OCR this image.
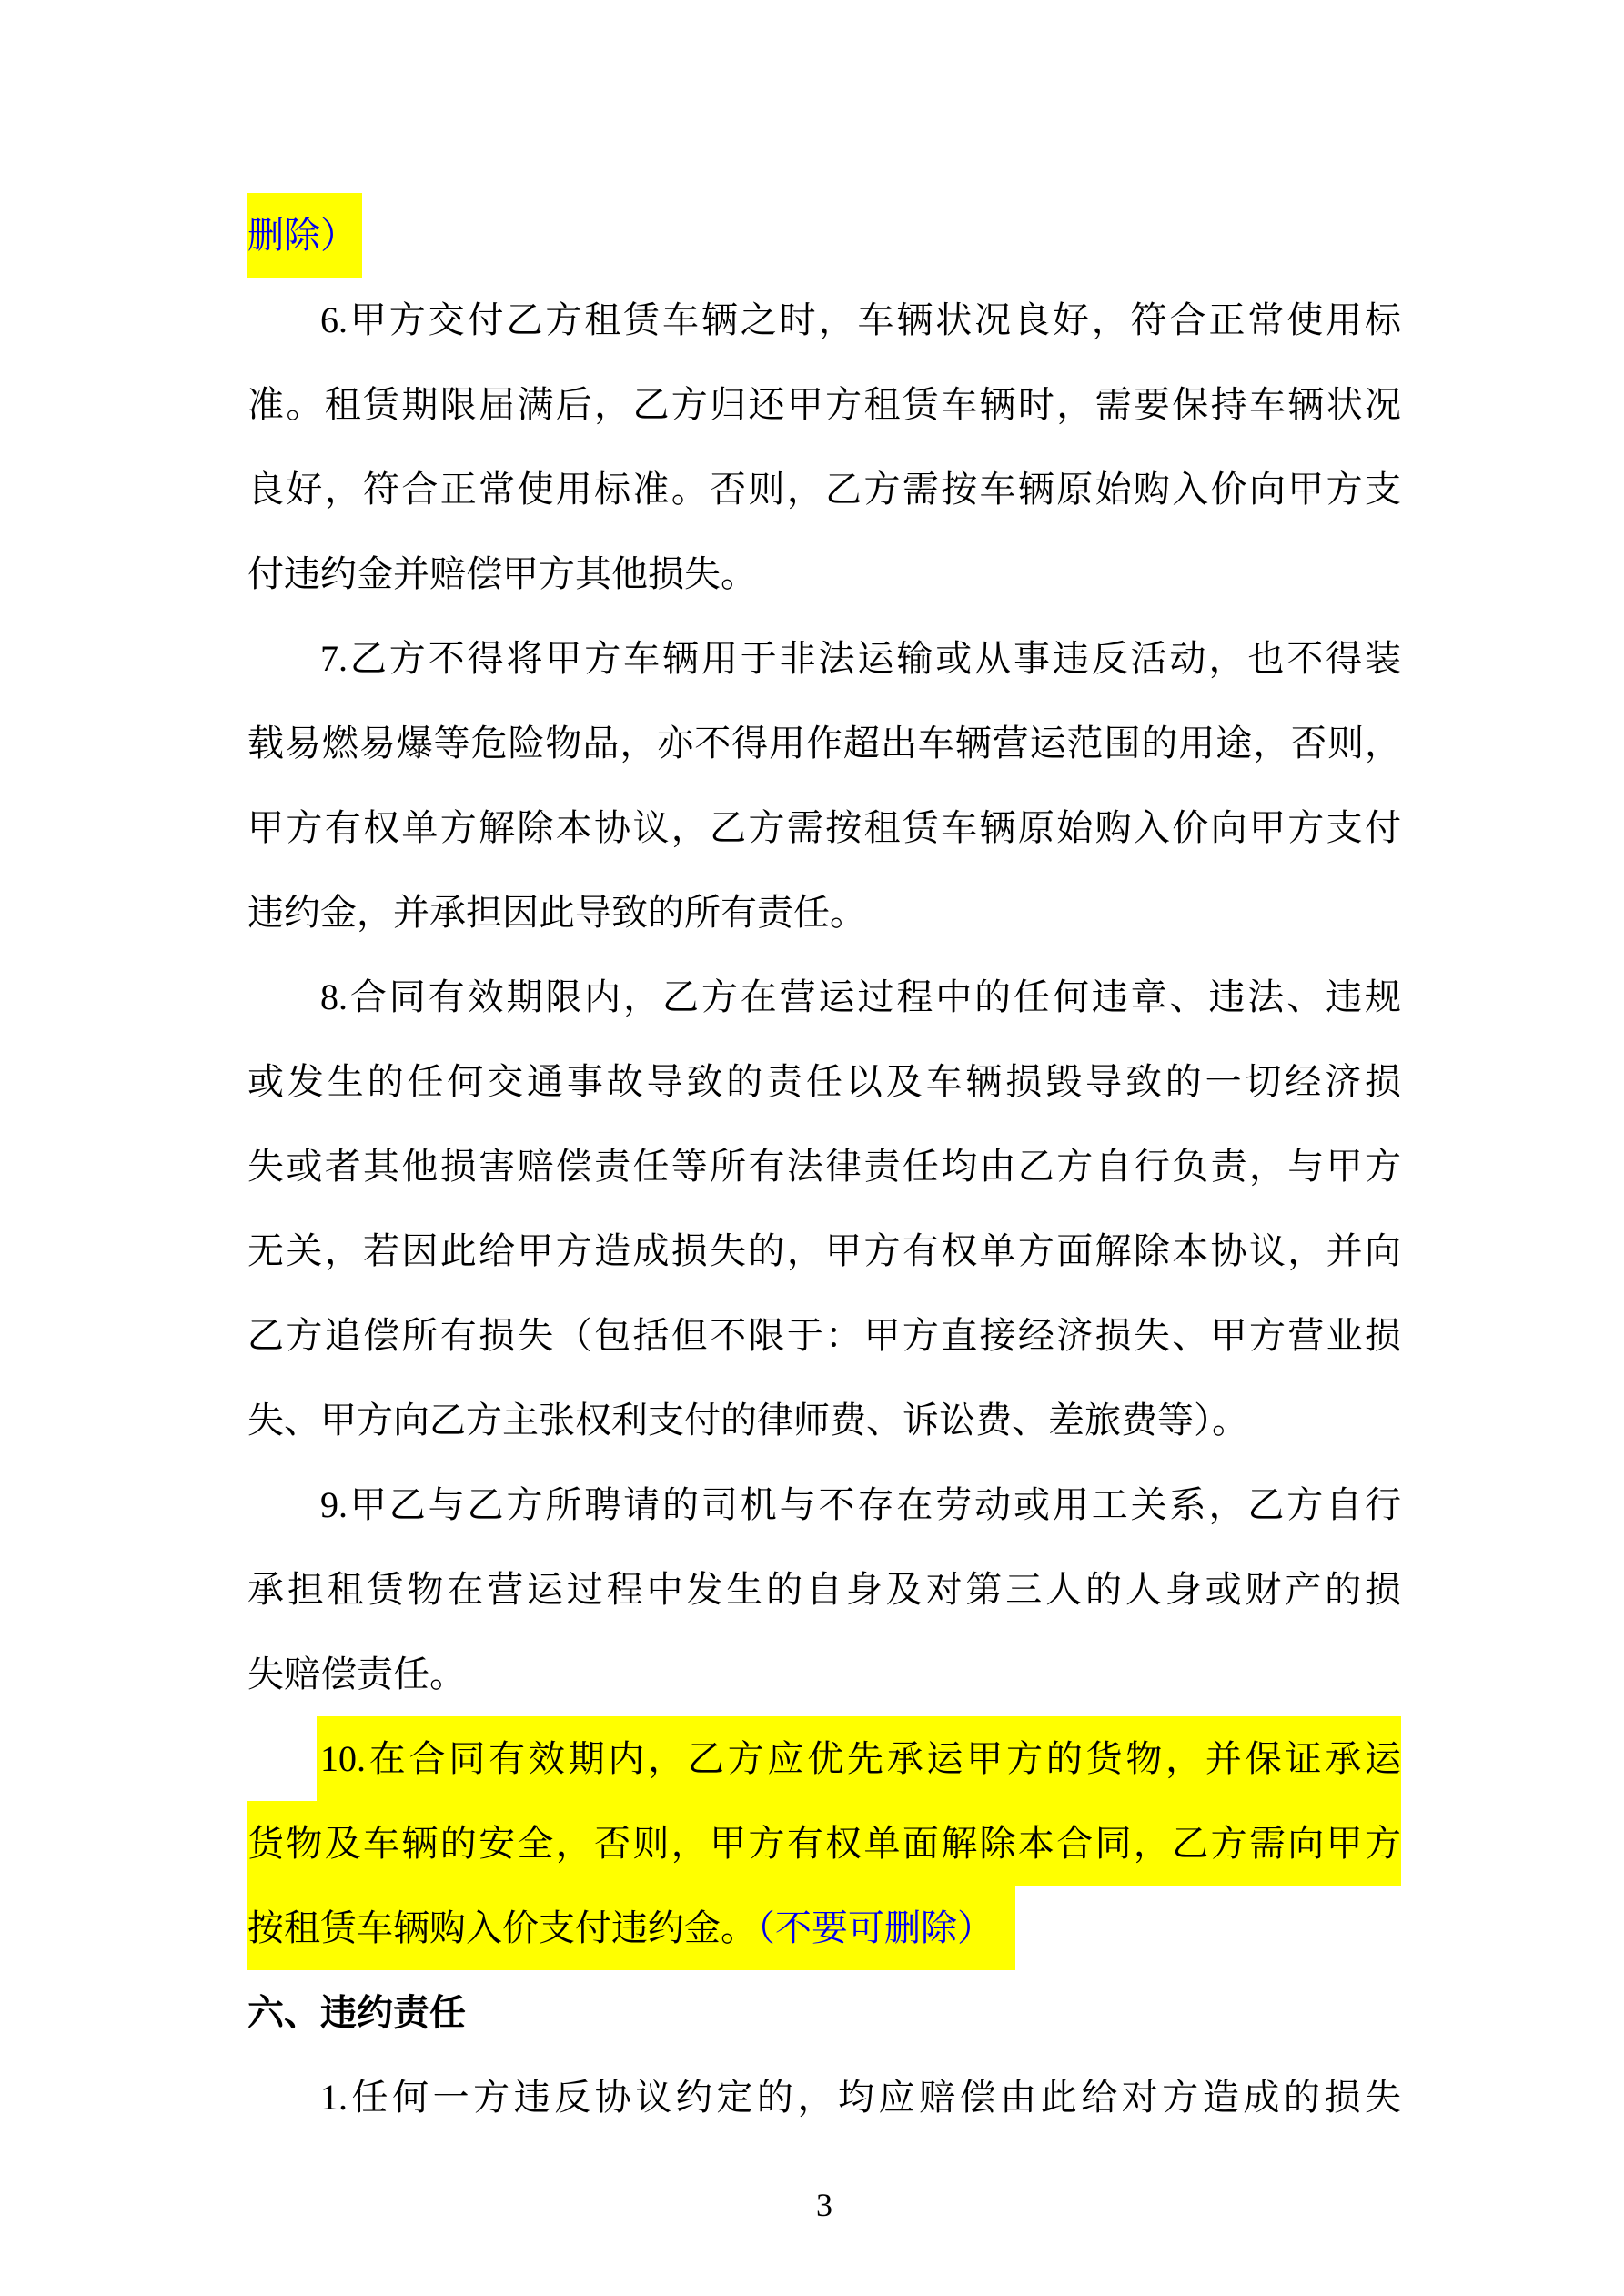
删除）
6.甲方交付乙方租赁车辆之时，车辆状况良好，符合正常使用标
准。租赁期限届满后，乙方归还甲方租赁车辆时，需要保持车辆状况
良好，符合正常使用标准。否则，乙方需按车辆原始购入价向甲方支
付违约金并赔偿甲方其他损失。
7.乙方不得将甲方车辆用于非法运输或从事违反活动，也不得装
载易燃易爆等危险物品，亦不得用作超出车辆营运范围的用途，否则，
甲方有权单方解除本协议，乙方需按租赁车辆原始购入价向甲方支付
违约金，并承担因此导致的所有责任。
8.合同有效期限内，乙方在营运过程中的任何违章、违法、违规
或发生的任何交通事故导致的责任以及车辆损毁导致的一切经济损
失或者其他损害赔偿责任等所有法律责任均由乙方自行负责，与甲方
无关，若因此给甲方造成损失的，甲方有权单方面解除本协议，并向
乙方追偿所有损失（包括但不限于：甲方直接经济损失、甲方营业损
失、甲方向乙方主张权利支付的律师费、诉讼费、差旅费等）。
9.甲乙与乙方所聘请的司机与不存在劳动或用工关系，乙方自行
承担租赁物在营运过程中发生的自身及对第三人的人身或财产的损
失赔偿责任。
10.在合同有效期内，乙方应优先承运甲方的货物，并保证承运
货物及车辆的安全，否则，甲方有权单面解除本合同，乙方需向甲方
按租赁车辆购入价支付违约金。（不要可删除）
六、违约责任
1.任何一方违反协议约定的，均应赔偿由此给对方造成的损失
3
